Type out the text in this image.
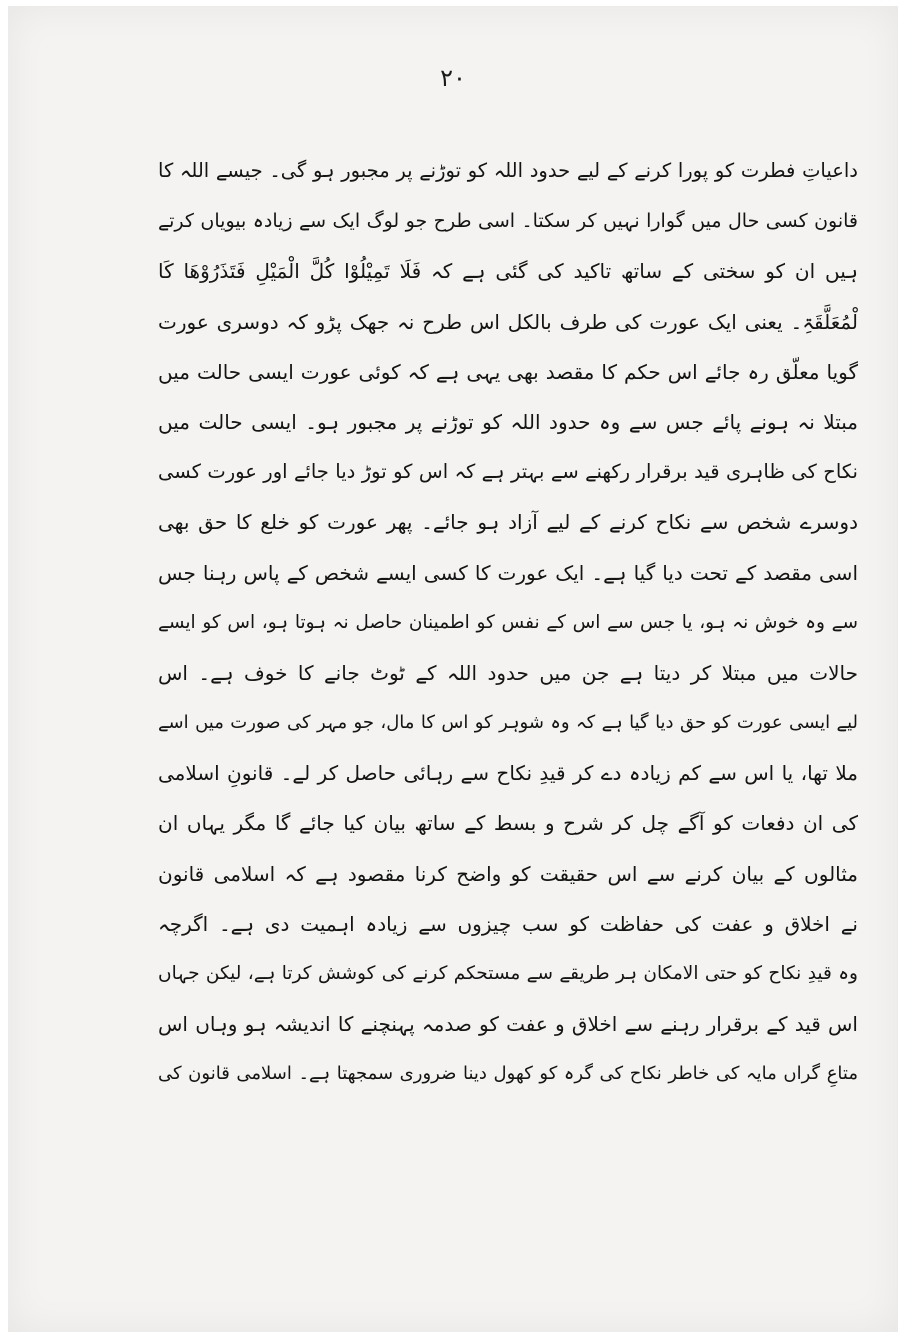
۲۰
داعیاتِ فطرت کو پورا کرنے کے لیے حدود اللہ کو توڑنے پر مجبور ہو گی۔ جیسے اللہ کا
قانون کسی حال میں گوارا نہیں کر سکتا۔ اسی طرح جو لوگ ایک سے زیادہ بیویاں کرتے
ہیں ان کو سختی کے ساتھ تاکید کی گئی ہے کہ فَلَا تَمِیْلُوْا کُلَّ الْمَیْلِ فَتَذَرُوْھَا کَا
لْمُعَلَّقَۃِ۔ یعنی ایک عورت کی طرف بالکل اس طرح نہ جھک پڑو کہ دوسری عورت
گویا معلّق رہ جائے اس حکم کا مقصد بھی یہی ہے کہ کوئی عورت ایسی حالت میں
مبتلا نہ ہونے پائے جس سے وہ حدود اللہ کو توڑنے پر مجبور ہو۔ ایسی حالت میں
نکاح کی ظاہری قید برقرار رکھنے سے بہتر ہے کہ اس کو توڑ دیا جائے اور عورت کسی
دوسرے شخص سے نکاح کرنے کے لیے آزاد ہو جائے۔ پھر عورت کو خلع کا حق بھی
اسی مقصد کے تحت دیا گیا ہے۔ ایک عورت کا کسی ایسے شخص کے پاس رہنا جس
سے وہ خوش نہ ہو، یا جس سے اس کے نفس کو اطمینان حاصل نہ ہوتا ہو، اس کو ایسے
حالات میں مبتلا کر دیتا ہے جن میں حدود اللہ کے ٹوٹ جانے کا خوف ہے۔ اس
لیے ایسی عورت کو حق دیا گیا ہے کہ وہ شوہر کو اس کا مال، جو مہر کی صورت میں اسے
ملا تھا، یا اس سے کم زیادہ دے کر قیدِ نکاح سے رہائی حاصل کر لے۔ قانونِ اسلامی
کی ان دفعات کو آگے چل کر شرح و بسط کے ساتھ بیان کیا جائے گا مگر یہاں ان
مثالوں کے بیان کرنے سے اس حقیقت کو واضح کرنا مقصود ہے کہ اسلامی قانون
نے اخلاق و عفت کی حفاظت کو سب چیزوں سے زیادہ اہمیت دی ہے۔ اگرچہ
وہ قیدِ نکاح کو حتی الامکان ہر طریقے سے مستحکم کرنے کی کوشش کرتا ہے، لیکن جہاں
اس قید کے برقرار رہنے سے اخلاق و عفت کو صدمہ پہنچنے کا اندیشہ ہو وہاں اس
متاعِ گراں مایہ کی خاطر نکاح کی گرہ کو کھول دینا ضروری سمجھتا ہے۔ اسلامی قانون کی
